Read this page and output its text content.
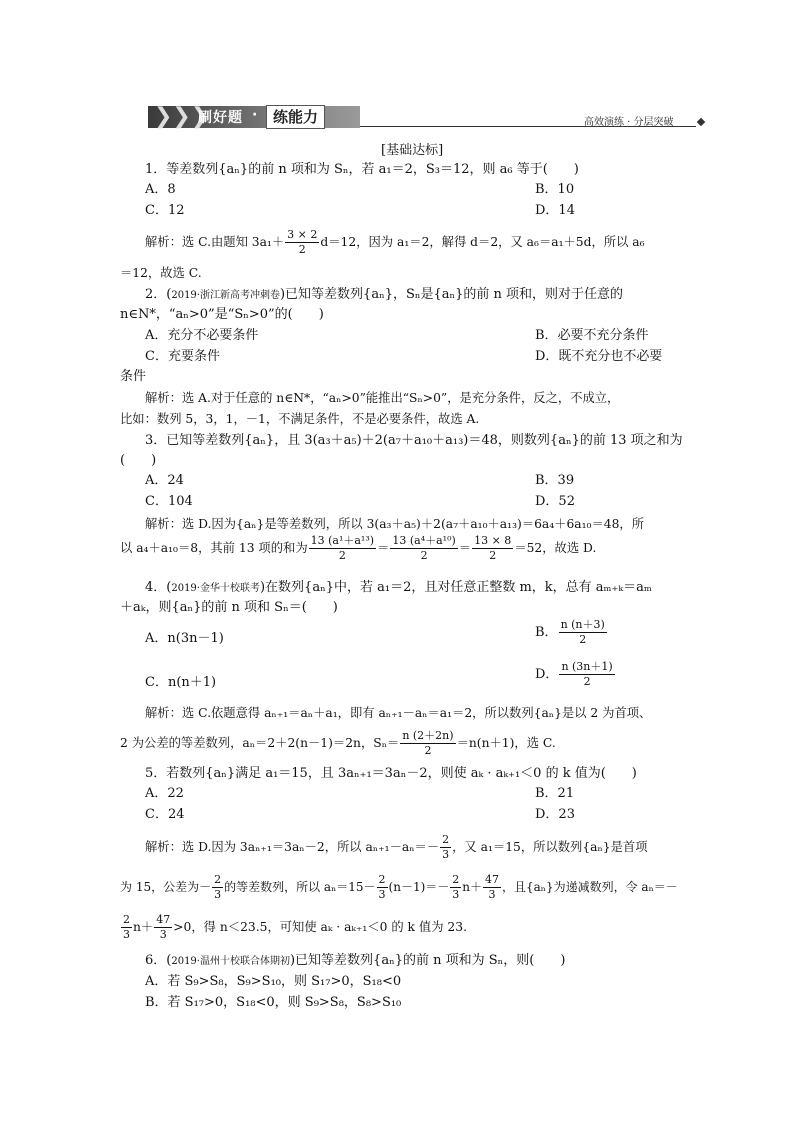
❯❯❯
刷好题 · 练能力	高效演练 · 分层突破
[基础达标]
1．等差数列{aₙ}的前 n 项和为 Sₙ，若 a₁＝2，S₃＝12，则 a₆ 等于(　　)
A．8	B．10
C．12	D．14
解析：选 C.由题知 $3a_1+ \frac{3 \times 2}{2} d=12$，因为 a₁＝2，解得 d＝2，又 a₆＝a₁＋5d，所以 a₆
＝12，故选 C.
2．(2019·浙江新高考冲刺卷)已知等差数列{aₙ}，Sₙ是{aₙ}的前 n 项和，则对于任意的
n∈N*，“aₙ>0”是“Sₙ>0”的(　　)
A．充分不必要条件	B．必要不充分条件
C．充要条件	D．既不充分也不必要
条件
解析：选 A.对于任意的 n∈N*，“aₙ>0”能推出“Sₙ>0”，是充分条件，反之，不成立，
比如：数列 5，3，1，－1，不满足条件，不是必要条件，故选 A.
3．已知等差数列{aₙ}，且 3(a₃＋a₅)＋2(a₇＋a₁₀＋a₁₃)＝48，则数列{aₙ}的前 13 项之和为
(　　)
A．24	B．39
C．104	D．52
解析：选 D.因为{aₙ}是等差数列，所以 3(a₃＋a₅)＋2(a₇＋a₁₀＋a₁₃)＝6a₄＋6a₁₀＝48，所
以 a₄＋a₁₀＝8，其前 13 项的和为 $\frac{\text{13 (a¹＋a¹³)}}{2} = \frac{\text{13 (a⁴＋a¹⁰)}}{2} = \frac{13 \times 8}{2} =52$，故选 D.
4．(2019·金华十校联考)在数列{aₙ}中，若 a₁＝2，且对任意正整数 m，k，总有 aₘ₊ₖ＝aₘ
＋aₖ，则{aₙ}的前 n 项和 Sₙ＝(　　)
A．n(3n－1)	B． $\frac{n (n+3)}{2}$
C．n(n＋1)
D． $\frac{n (3n+1)}{2}$
解析：选 C.依题意得 aₙ₊₁＝aₙ＋a₁，即有 aₙ₊₁－aₙ＝a₁＝2，所以数列{aₙ}是以 2 为首项、
2 为公差的等差数列，aₙ＝2＋2(n－1)＝2n，$S_n= \frac{n (2+2n)}{2} =n(n+1)$，选 C.
5．若数列{aₙ}满足 a₁＝15，且 3aₙ₊₁＝3aₙ－2，则使 aₖ · aₖ₊₁＜0 的 k 值为(　　)
A．22	B．21
C．24	D．23
解析：选 D.因为 3aₙ₊₁＝3aₙ－2，所以 $a_{n+1}-a_n=- \frac{2}{3}$ ，又 a₁＝15，所以数列{aₙ}是首项
为 15，公差为－ $\frac{2}{3}$ 的等差数列，所以 $a_n=15- \frac{2}{3} (n-1)=- \frac{2}{3} n+ \frac{47}{3}$ ，且{aₙ}为递减数列，令 aₙ＝－
$\frac{2}{3} n+ \frac{47}{3} >0$，得 n＜23.5，可知使 aₖ · aₖ₊₁＜0 的 k 值为 23.
6．(2019·温州十校联合体期初)已知等差数列{aₙ}的前 n 项和为 Sₙ，则(　　)
A．若 S₉>S₈，S₉>S₁₀，则 S₁₇>0，S₁₈<0
B．若 S₁₇>0，S₁₈<0，则 S₉>S₈，S₈>S₁₀
